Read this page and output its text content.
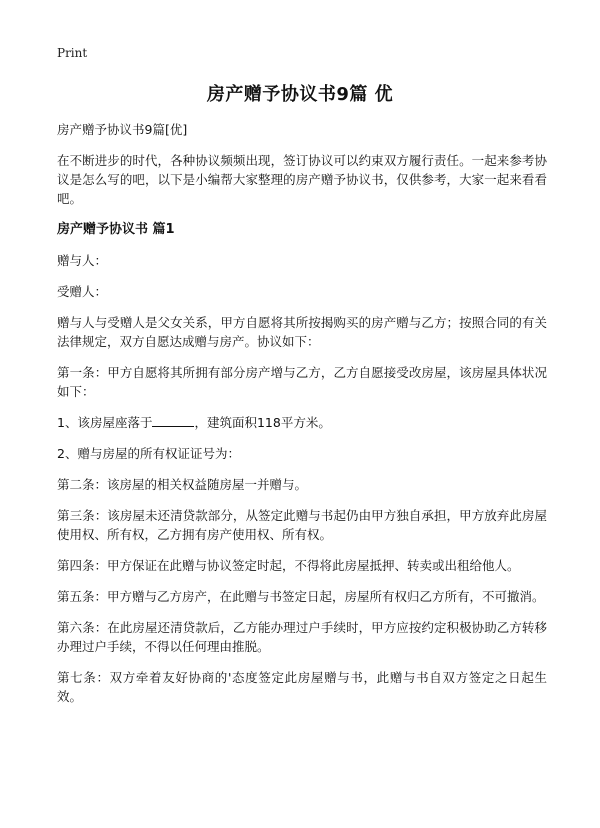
Print
房产赠予协议书9篇 优

房产赠予协议书9篇[优]

在不断进步的时代，各种协议频频出现，签订协议可以约束双方履行责任。一起来参考协议是怎么写的吧，以下是小编帮大家整理的房产赠予协议书，仅供参考，大家一起来看看吧。

房产赠予协议书 篇1

赠与人：

受赠人：

赠与人与受赠人是父女关系，甲方自愿将其所按揭购买的房产赠与乙方；按照合同的有关法律规定，双方自愿达成赠与房产。协议如下：

第一条：甲方自愿将其所拥有部分房产增与乙方，乙方自愿接受改房屋，该房屋具体状况如下：

1、该房屋座落于	，建筑面积118平方米。

2、赠与房屋的所有权证证号为：

第二条：该房屋的相关权益随房屋一并赠与。

第三条：该房屋未还清贷款部分，从签定此赠与书起仍由甲方独自承担，甲方放弃此房屋使用权、所有权，乙方拥有房产使用权、所有权。

第四条：甲方保证在此赠与协议签定时起，不得将此房屋抵押、转卖或出租给他人。

第五条：甲方赠与乙方房产，在此赠与书签定日起，房屋所有权归乙方所有，不可撤消。

第六条：在此房屋还清贷款后，乙方能办理过户手续时，甲方应按约定积极协助乙方转移办理过户手续，不得以任何理由推脱。

第七条：双方牵着友好协商的'态度签定此房屋赠与书，此赠与书自双方签定之日起生效。
